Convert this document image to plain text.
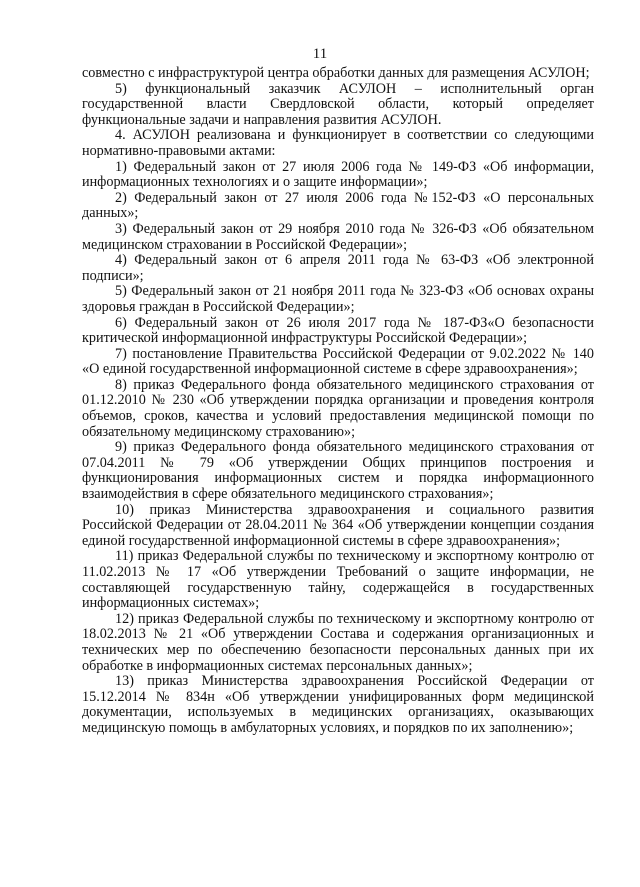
11

совместно с инфраструктурой центра обработки данных для размещения АСУЛОН;

5) функциональный заказчик АСУЛОН – исполнительный орган государственной власти Свердловской области, который определяет функциональные задачи и направления развития АСУЛОН.

4. АСУЛОН реализована и функционирует в соответствии со следующими нормативно-правовыми актами:

1) Федеральный закон от 27 июля 2006 года № 149-ФЗ «Об информации, информационных технологиях и о защите информации»;

2) Федеральный закон от 27 июля 2006 года №152-ФЗ «О персональных данных»;

3) Федеральный закон от 29 ноября 2010 года № 326-ФЗ «Об обязательном медицинском страховании в Российской Федерации»;

4) Федеральный закон от 6 апреля 2011 года № 63-ФЗ «Об электронной подписи»;

5) Федеральный закон от 21 ноября 2011 года № 323-ФЗ «Об основах охраны здоровья граждан в Российской Федерации»;

6) Федеральный закон от 26 июля 2017 года № 187-ФЗ«О безопасности критической информационной инфраструктуры Российской Федерации»;

7) постановление Правительства Российской Федерации от 9.02.2022 № 140 «О единой государственной информационной системе в сфере здравоохранения»;

8) приказ Федерального фонда обязательного медицинского страхования от 01.12.2010 № 230 «Об утверждении порядка организации и проведения контроля объемов, сроков, качества и условий предоставления медицинской помощи по обязательному медицинскому страхованию»;

9) приказ Федерального фонда обязательного медицинского страхования от 07.04.2011 № 79 «Об утверждении Общих принципов построения и функционирования информационных систем и порядка информационного взаимодействия в сфере обязательного медицинского страхования»;

10) приказ Министерства здравоохранения и социального развития Российской Федерации от 28.04.2011 № 364 «Об утверждении концепции создания единой государственной информационной системы в сфере здравоохранения»;

11) приказ Федеральной службы по техническому и экспортному контролю от 11.02.2013 № 17 «Об утверждении Требований о защите информации, не составляющей государственную тайну, содержащейся в государственных информационных системах»;

12) приказ Федеральной службы по техническому и экспортному контролю от 18.02.2013 № 21 «Об утверждении Состава и содержания организационных и технических мер по обеспечению безопасности персональных данных при их обработке в информационных системах персональных данных»;

13) приказ Министерства здравоохранения Российской Федерации от 15.12.2014 № 834н «Об утверждении унифицированных форм медицинской документации, используемых в медицинских организациях, оказывающих медицинскую помощь в амбулаторных условиях, и порядков по их заполнению»;
